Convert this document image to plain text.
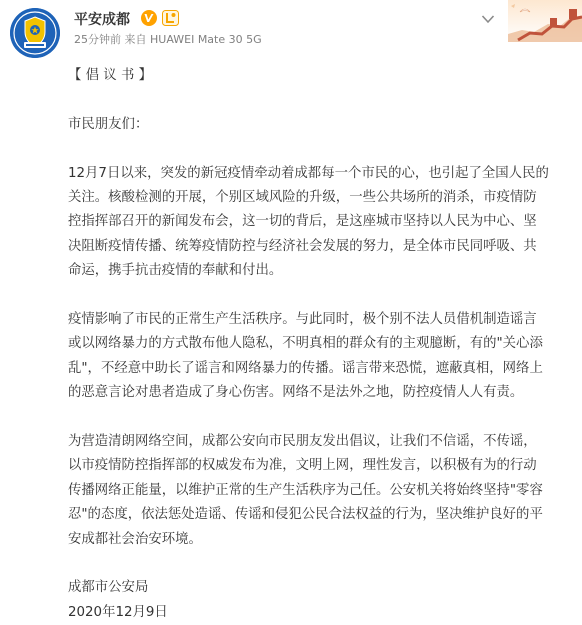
平安成都
25分钟前 来自 HUAWEI Mate 30 5G

【 倡 议 书 】

市民朋友们：

12月7日以来，突发的新冠疫情牵动着成都每一个市民的心，也引起了全国人民的

关注。核酸检测的开展，个别区域风险的升级，一些公共场所的消杀，市疫情防

控指挥部召开的新闻发布会，这一切的背后，是这座城市坚持以人民为中心、坚

决阻断疫情传播、统筹疫情防控与经济社会发展的努力，是全体市民同呼吸、共

命运，携手抗击疫情的奉献和付出。

疫情影响了市民的正常生产生活秩序。与此同时，极个别不法人员借机制造谣言

或以网络暴力的方式散布他人隐私，不明真相的群众有的主观臆断，有的"关心添

乱"，不经意中助长了谣言和网络暴力的传播。谣言带来恐慌，遮蔽真相，网络上

的恶意言论对患者造成了身心伤害。网络不是法外之地，防控疫情人人有责。

为营造清朗网络空间，成都公安向市民朋友发出倡议，让我们不信谣，不传谣，

以市疫情防控指挥部的权威发布为准，文明上网，理性发言，以积极有为的行动

传播网络正能量，以维护正常的生产生活秩序为己任。公安机关将始终坚持"零容

忍"的态度，依法惩处造谣、传谣和侵犯公民合法权益的行为，坚决维护良好的平

安成都社会治安环境。

成都市公安局

2020年12月9日
